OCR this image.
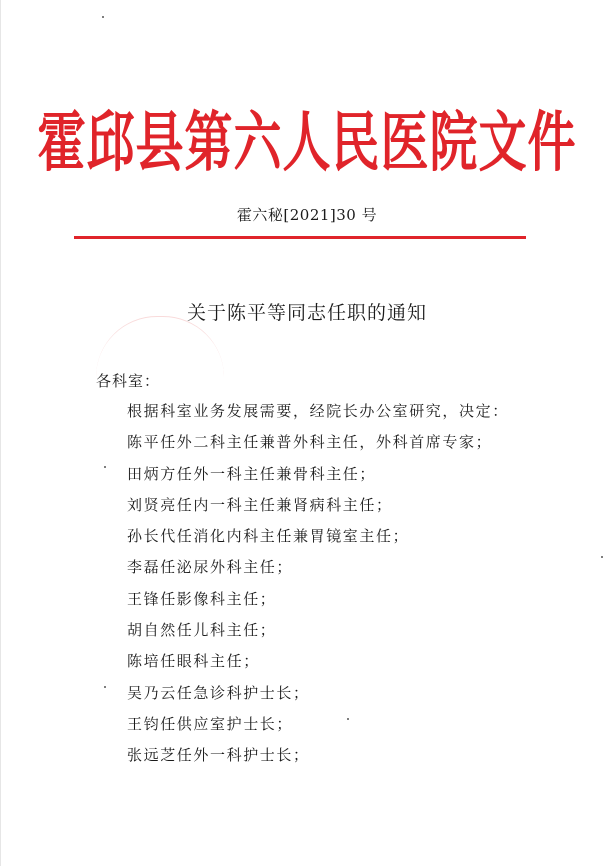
霍邱县第六人民医院文件
霍六秘[2021]30 号
关于陈平等同志任职的通知
各科室：
根据科室业务发展需要，经院长办公室研究，决定：
陈平任外二科主任兼普外科主任，外科首席专家；
田炳方任外一科主任兼骨科主任；
刘贤亮任内一科主任兼肾病科主任；
孙长代任消化内科主任兼胃镜室主任；
李磊任泌尿外科主任；
王锋任影像科主任；
胡自然任儿科主任；
陈培任眼科主任；
吴乃云任急诊科护士长；
王钧任供应室护士长；
张远芝任外一科护士长；
